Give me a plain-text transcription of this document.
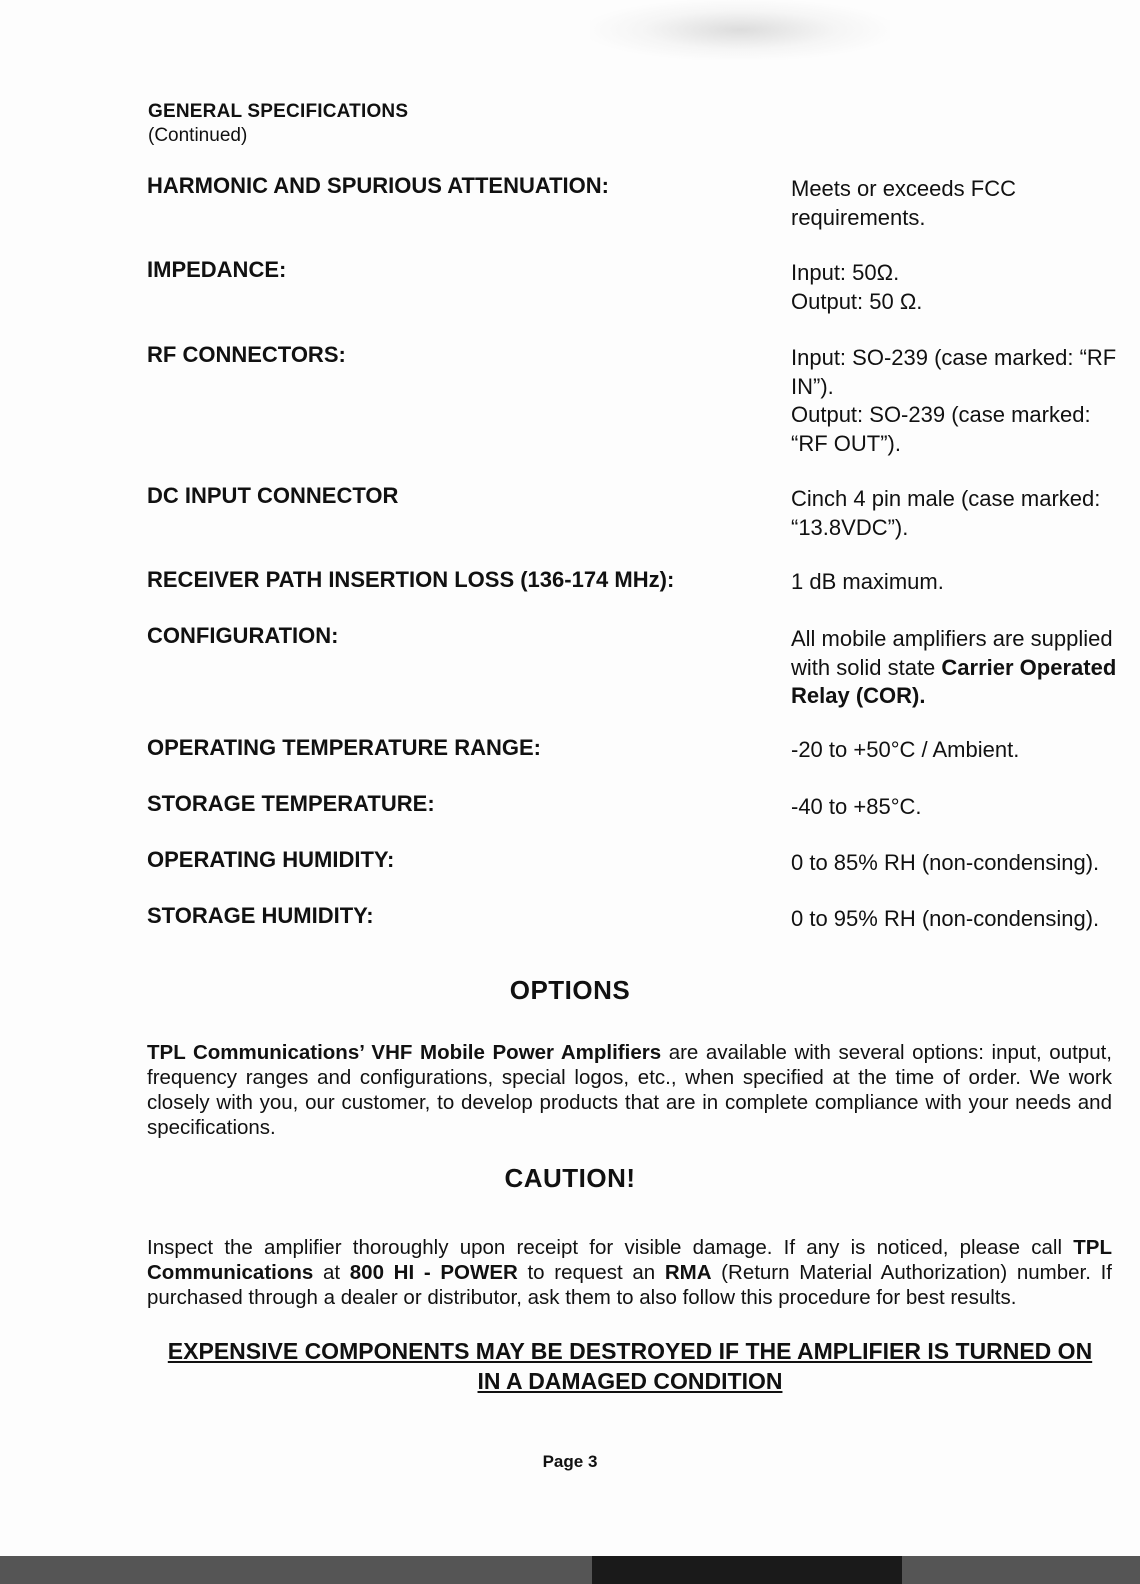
GENERAL SPECIFICATIONS
(Continued)
HARMONIC AND SPURIOUS ATTENUATION:	Meets or exceeds FCC requirements.
IMPEDANCE:	Input: 50Ω.
Output: 50 Ω.
RF CONNECTORS:	Input: SO-239 (case marked: “RF IN”).
Output: SO-239 (case marked: “RF OUT”).
DC INPUT CONNECTOR	Cinch 4 pin male (case marked: “13.8VDC”).
RECEIVER PATH INSERTION LOSS (136-174 MHz):	1 dB maximum.
CONFIGURATION:	All mobile amplifiers are supplied with solid state Carrier Operated Relay (COR).
OPERATING TEMPERATURE RANGE:	-20 to +50°C / Ambient.
STORAGE TEMPERATURE:	-40 to +85°C.
OPERATING HUMIDITY:	0 to 85% RH (non-condensing).
STORAGE HUMIDITY:	0 to 95% RH (non-condensing).
OPTIONS
TPL Communications’ VHF Mobile Power Amplifiers are available with several options: input, output, frequency ranges and configurations, special logos, etc., when specified at the time of order. We work closely with you, our customer, to develop products that are in complete compliance with your needs and specifications.
CAUTION!
Inspect the amplifier thoroughly upon receipt for visible damage. If any is noticed, please call TPL Communications at 800 HI - POWER to request an RMA (Return Material Authorization) number. If purchased through a dealer or distributor, ask them to also follow this procedure for best results.
EXPENSIVE COMPONENTS MAY BE DESTROYED IF THE AMPLIFIER IS TURNED ON
IN A DAMAGED CONDITION
Page 3
